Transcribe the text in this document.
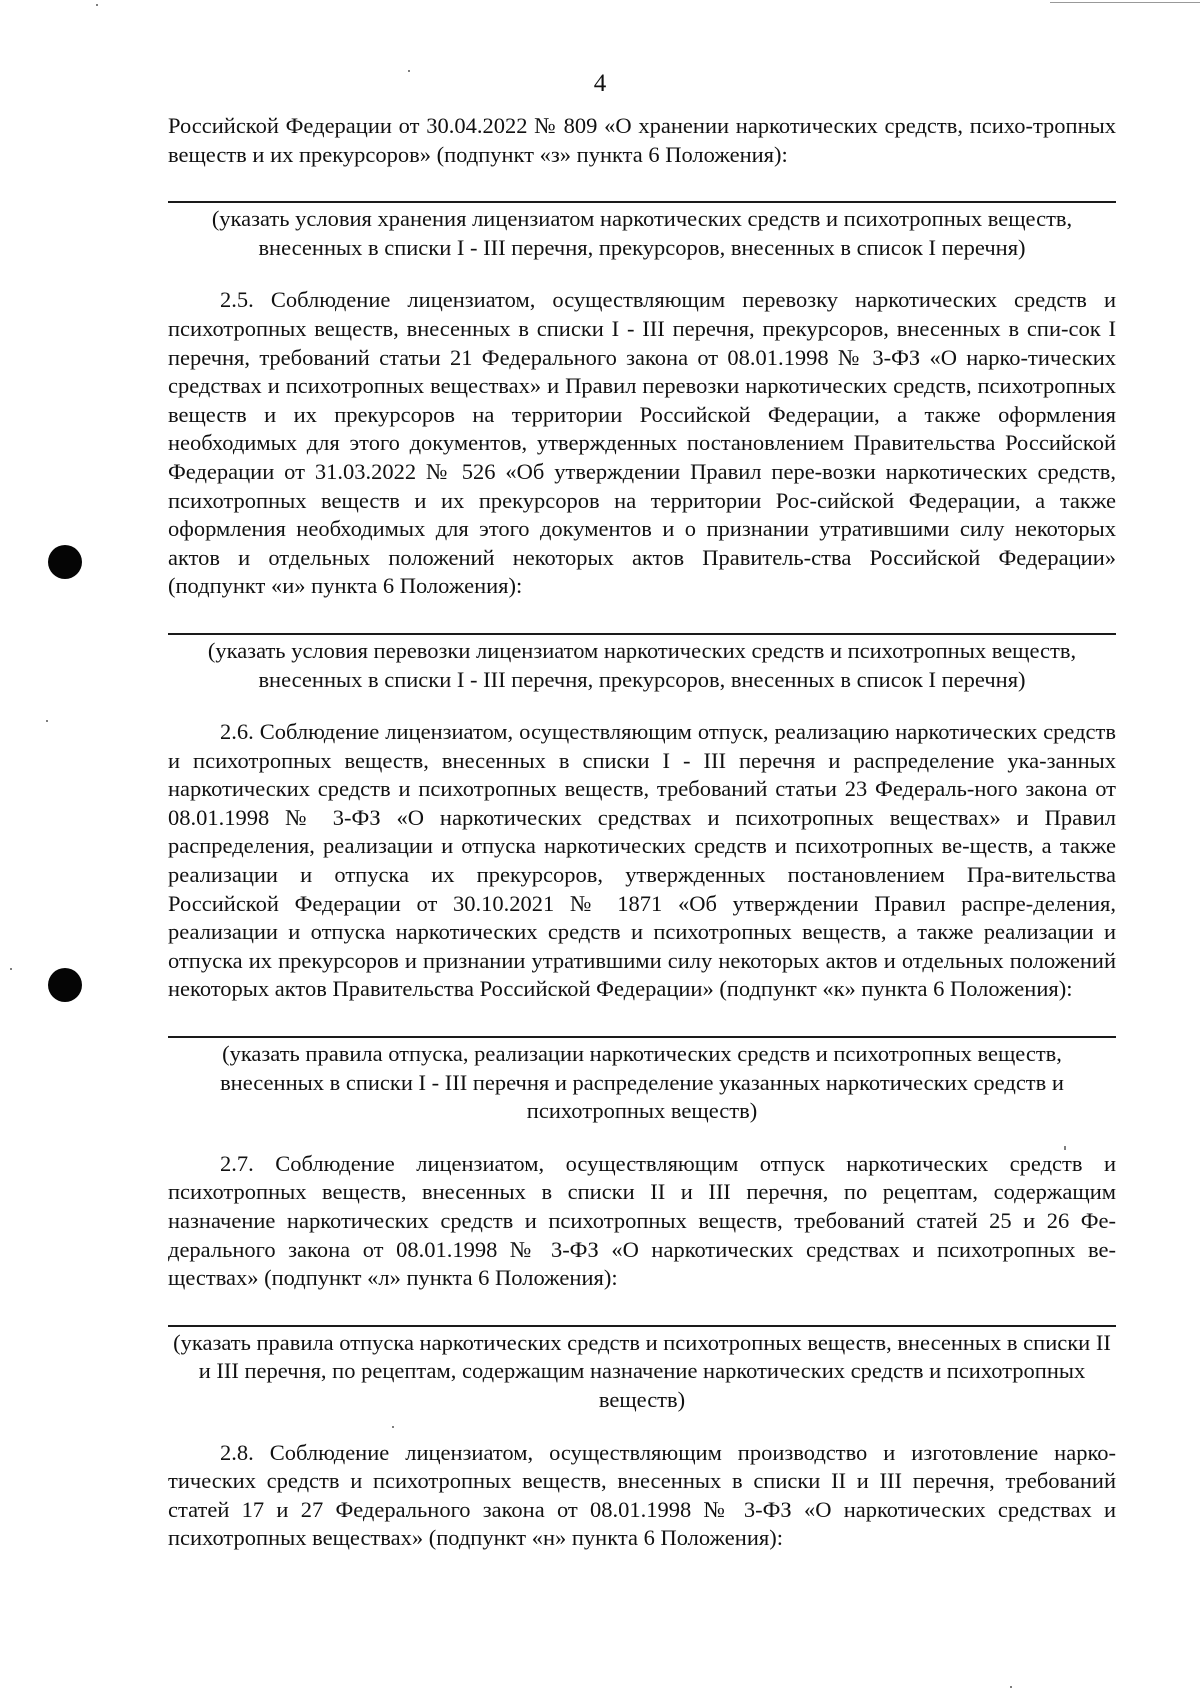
4

Российской Федерации от 30.04.2022 № 809 «О хранении наркотических средств, психо-тропных веществ и их прекурсоров» (подпункт «з» пункта 6 Положения):

(указать условия хранения лицензиатом наркотических средств и психотропных веществ, внесенных в списки I - III перечня, прекурсоров, внесенных в список I перечня)

2.5. Соблюдение лицензиатом, осуществляющим перевозку наркотических средств и психотропных веществ, внесенных в списки I - III перечня, прекурсоров, внесенных в спи-сок I перечня, требований статьи 21 Федерального закона от 08.01.1998 № 3-ФЗ «О нарко-тических средствах и психотропных веществах» и Правил перевозки наркотических средств, психотропных веществ и их прекурсоров на территории Российской Федерации, а также оформления необходимых для этого документов, утвержденных постановлением Правительства Российской Федерации от 31.03.2022 № 526 «Об утверждении Правил пере-возки наркотических средств, психотропных веществ и их прекурсоров на территории Рос-сийской Федерации, а также оформления необходимых для этого документов и о признании утратившими силу некоторых актов и отдельных положений некоторых актов Правитель-ства Российской Федерации» (подпункт «и» пункта 6 Положения):

(указать условия перевозки лицензиатом наркотических средств и психотропных веществ, внесенных в списки I - III перечня, прекурсоров, внесенных в список I перечня)

2.6. Соблюдение лицензиатом, осуществляющим отпуск, реализацию наркотических средств и психотропных веществ, внесенных в списки I - III перечня и распределение ука-занных наркотических средств и психотропных веществ, требований статьи 23 Федераль-ного закона от 08.01.1998 № 3-ФЗ «О наркотических средствах и психотропных веществах» и Правил распределения, реализации и отпуска наркотических средств и психотропных ве-ществ, а также реализации и отпуска их прекурсоров, утвержденных постановлением Пра-вительства Российской Федерации от 30.10.2021 № 1871 «Об утверждении Правил распре-деления, реализации и отпуска наркотических средств и психотропных веществ, а также реализации и отпуска их прекурсоров и признании утратившими силу некоторых актов и отдельных положений некоторых актов Правительства Российской Федерации» (подпункт «к» пункта 6 Положения):

(указать правила отпуска, реализации наркотических средств и психотропных веществ, внесенных в списки I - III перечня и распределение указанных наркотических средств и психотропных веществ)

2.7. Соблюдение лицензиатом, осуществляющим отпуск наркотических средств и психотропных веществ, внесенных в списки II и III перечня, по рецептам, содержащим назначение наркотических средств и психотропных веществ, требований статей 25 и 26 Фе-дерального закона от 08.01.1998 № 3-ФЗ «О наркотических средствах и психотропных ве-ществах» (подпункт «л» пункта 6 Положения):

(указать правила отпуска наркотических средств и психотропных веществ, внесенных в списки II и III перечня, по рецептам, содержащим назначение наркотических средств и психотропных веществ)

2.8. Соблюдение лицензиатом, осуществляющим производство и изготовление нарко-тических средств и психотропных веществ, внесенных в списки II и III перечня, требований статей 17 и 27 Федерального закона от 08.01.1998 № 3-ФЗ «О наркотических средствах и психотропных веществах» (подпункт «н» пункта 6 Положения):
